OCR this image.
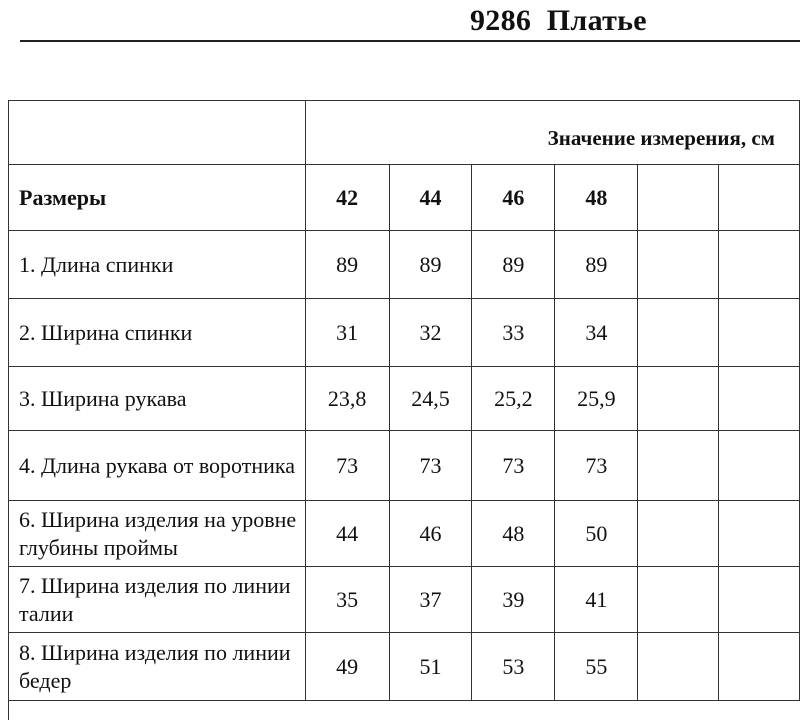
9286  Платье
	Значение измерения, см					
Размеры	42	44	46	48		
1. Длина спинки	89	89	89	89		
2. Ширина спинки	31	32	33	34		
3. Ширина рукава	23,8	24,5	25,2	25,9		
4. Длина рукава от воротника	73	73	73	73		
6. Ширина изделия на уровне глубины проймы	44	46	48	50		
7. Ширина изделия по линии талии	35	37	39	41		
8. Ширина изделия по линии бедер	49	51	53	55		
